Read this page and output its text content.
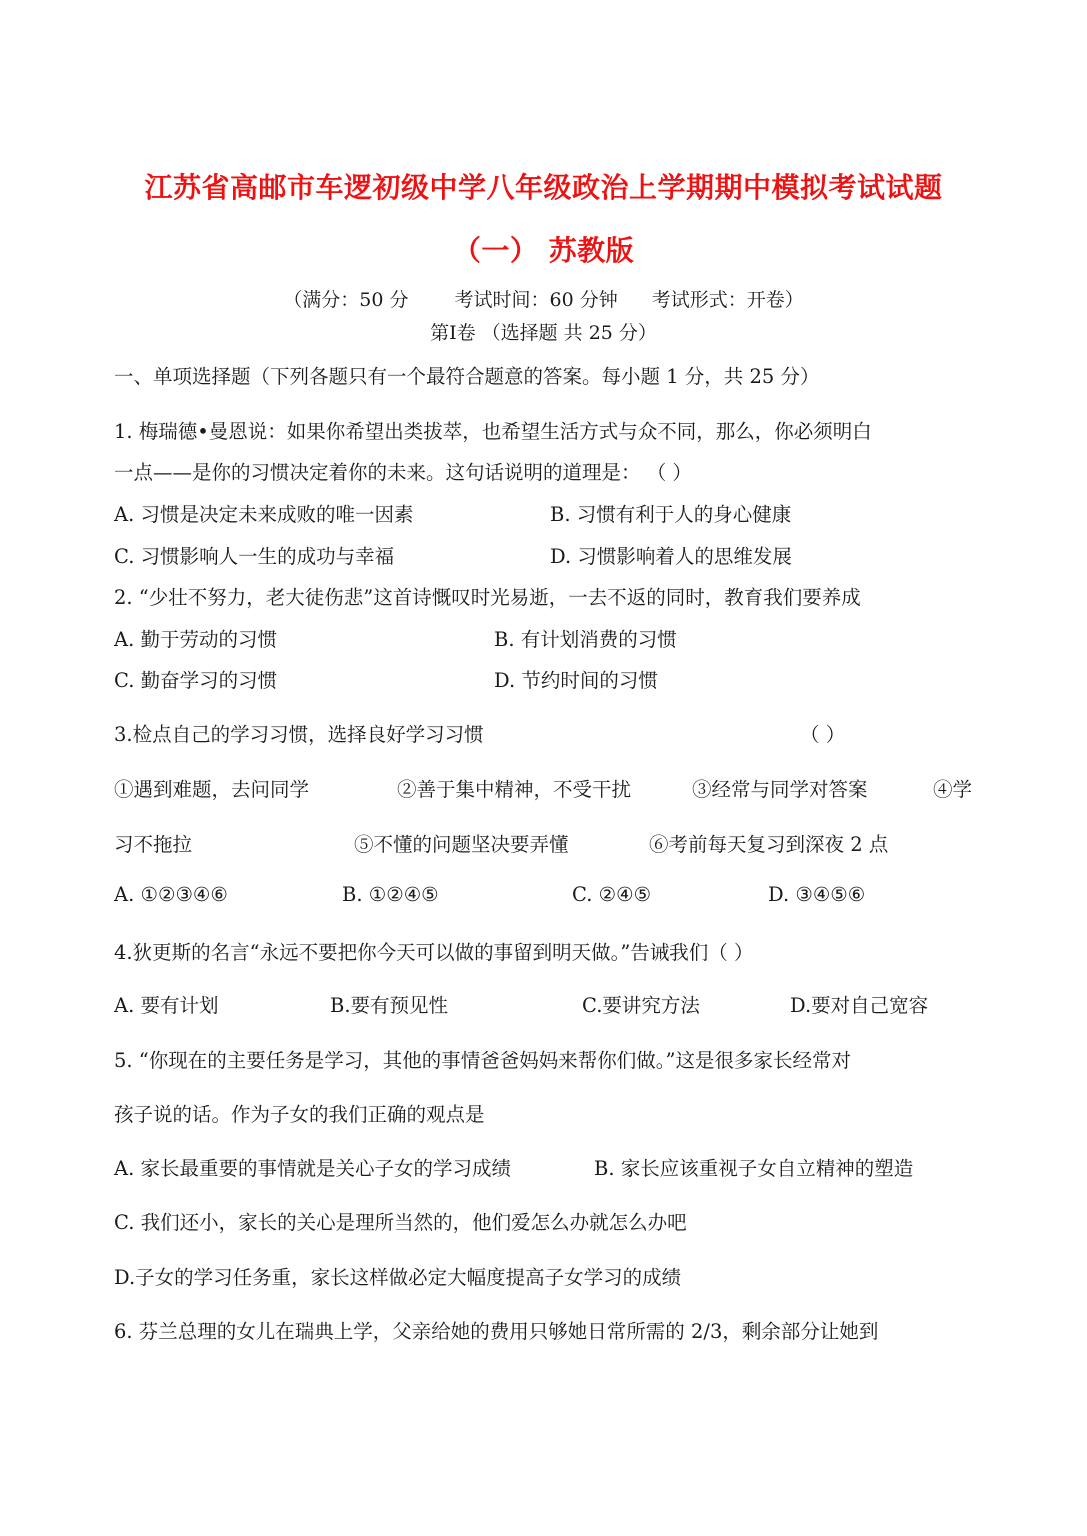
江苏省高邮市车逻初级中学八年级政治上学期期中模拟考试试题
（一） 苏教版
（满分：50 分 考试时间：60 分钟 考试形式：开卷）
第Ⅰ卷 （选择题 共 25 分）
一、单项选择题（下列各题只有一个最符合题意的答案。每小题 1 分，共 25 分）
1. 梅瑞德•曼恩说：如果你希望出类拔萃，也希望生活方式与众不同，那么，你必须明白
一点——是你的习惯决定着你的未来。这句话说明的道理是： （ ）
A. 习惯是决定未来成败的唯一因素	B. 习惯有利于人的身心健康
C. 习惯影响人一生的成功与幸福	D. 习惯影响着人的思维发展
2. “少壮不努力，老大徒伤悲”这首诗慨叹时光易逝，一去不返的同时，教育我们要养成
A. 勤于劳动的习惯	B. 有计划消费的习惯
C. 勤奋学习的习惯	D. 节约时间的习惯
3.检点自己的学习习惯，选择良好学习习惯	（ ）
①遇到难题，去问同学	②善于集中精神，不受干扰	③经常与同学对答案	④学
习不拖拉	⑤不懂的问题坚决要弄懂	⑥考前每天复习到深夜 2 点
A. ①②③④⑥	B. ①②④⑤	C. ②④⑤	D. ③④⑤⑥
4.狄更斯的名言“永远不要把你今天可以做的事留到明天做。”告诫我们（ ）
A. 要有计划	B.要有预见性	C.要讲究方法	D.要对自己宽容
5. “你现在的主要任务是学习，其他的事情爸爸妈妈来帮你们做。”这是很多家长经常对
孩子说的话。作为子女的我们正确的观点是
A. 家长最重要的事情就是关心子女的学习成绩	B. 家长应该重视子女自立精神的塑造
C. 我们还小，家长的关心是理所当然的，他们爱怎么办就怎么办吧
D.子女的学习任务重，家长这样做必定大幅度提高子女学习的成绩
6. 芬兰总理的女儿在瑞典上学，父亲给她的费用只够她日常所需的 2/3，剩余部分让她到
